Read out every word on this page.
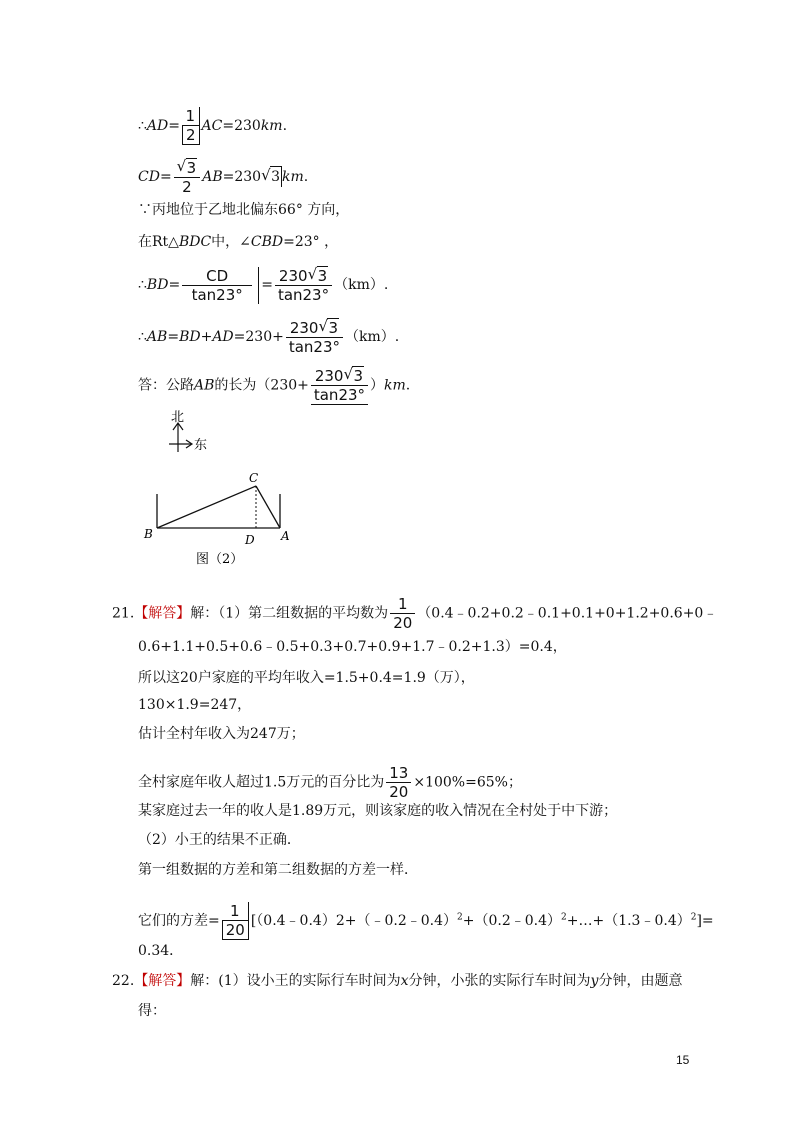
∴AD= $\frac{1}{2} AC=230km$.
CD=
√ $\frac{3}{2} AB=230√$ 3 km.
∵丙地位于乙地北偏东66° 方向，
在Rt△BDC中，∠CBD=23° ，
∴BD= $\frac{CD}{\tan 23^\circ} = \frac{230√ 3}{\tan 23^\circ} (km)$.
∴AB=BD+AD=230+ $\frac{230√ 3}{\tan 23^\circ} (km)$.
答：公路AB的长为$(230+ \frac{230√ 3}{\tan 23^\circ} )km$.
北
东
C
B	D A
图（2）
21.【解答】解：（1）第二组数据的平均数为 $\frac{1}{20}$ （0.4﹣0.2+0.2﹣0.1+0.1+0+1.2+0.6+0﹣
0.6+1.1+0.5+0.6﹣0.5+0.3+0.7+0.9+1.7﹣0.2+1.3）=0.4，
所以这20户家庭的平均年收入=1.5+0.4=1.9（万），
130×1.9=247，
估计全村年收入为247万；
全村家庭年收人超过1.5万元的百分比为 $\frac{13}{20} \times 100\%=65\%$；
某家庭过去一年的收人是1.89万元，则该家庭的收入情况在全村处于中下游；
（2）小王的结果不正确．
第一组数据的方差和第二组数据的方差一样．
它们的方差= $\frac{1}{20}$ [（0.4﹣0.4）2+（﹣0.2﹣0.4）$^2$+（0.2﹣0.4）$^2$+…+（1.3﹣0.4）$^2$]=
0.34．
22.【解答】解：(1）设小王的实际行车时间为x分钟，小张的实际行车时间为y分钟，由题意
得：
15
